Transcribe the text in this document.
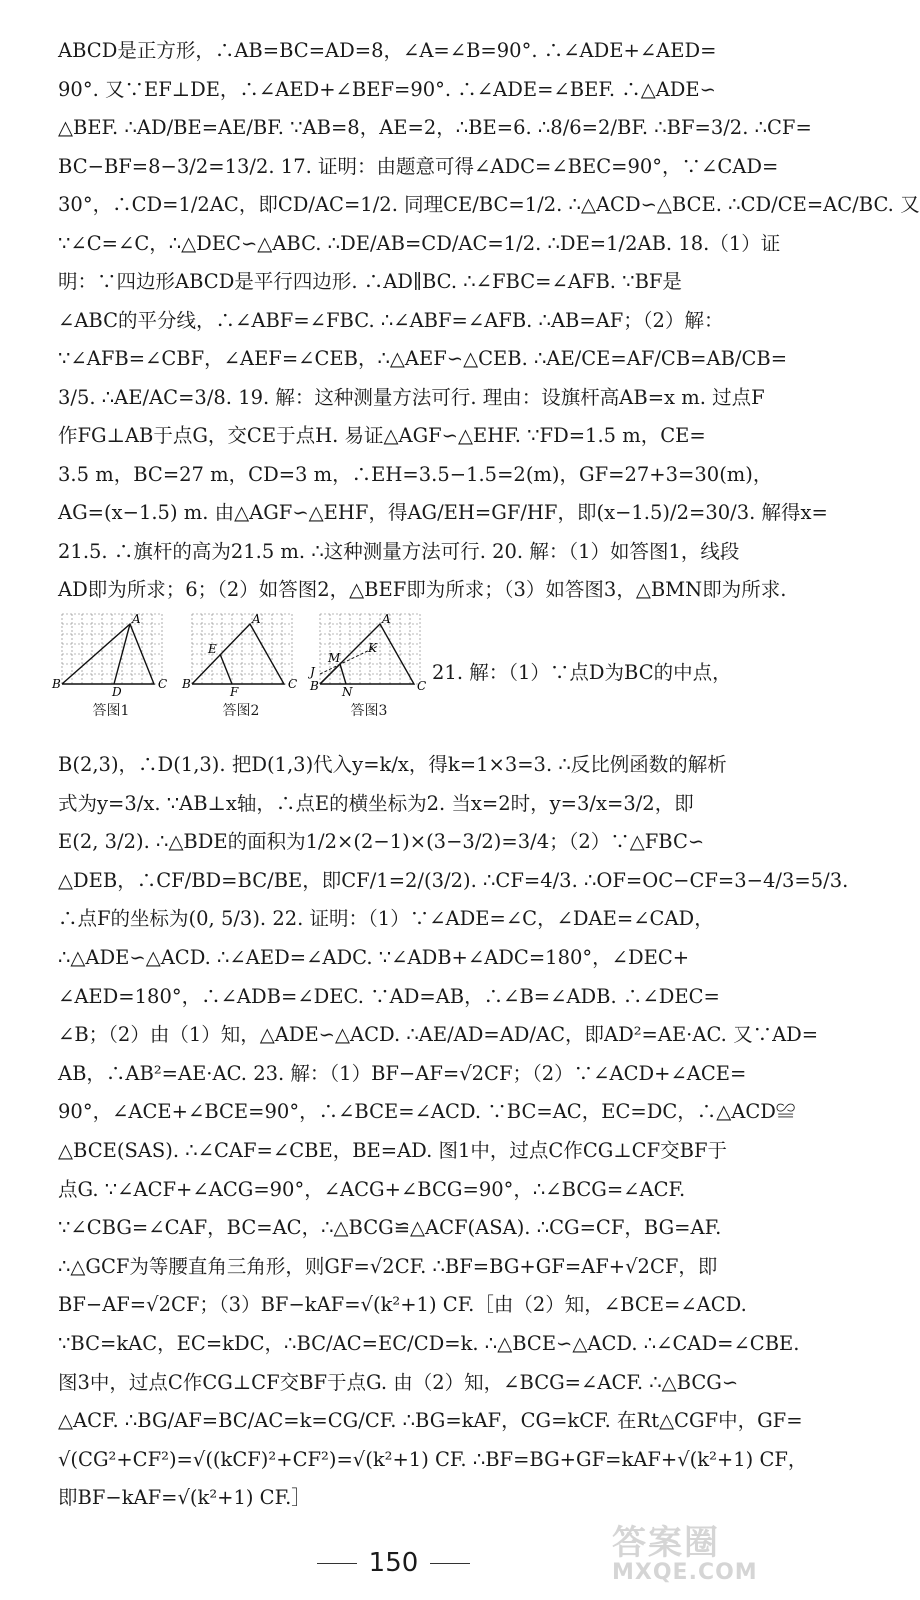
ABCD是正方形，∴AB=BC=AD=8，∠A=∠B=90°. ∴∠ADE+∠AED=
90°. 又∵EF⊥DE，∴∠AED+∠BEF=90°. ∴∠ADE=∠BEF. ∴△ADE∽
△BEF. ∴AD/BE=AE/BF. ∵AB=8，AE=2，∴BE=6. ∴8/6=2/BF. ∴BF=3/2. ∴CF=
BC−BF=8−3/2=13/2. 17. 证明：由题意可得∠ADC=∠BEC=90°，∵∠CAD=
30°，∴CD=1/2AC，即CD/AC=1/2. 同理CE/BC=1/2. ∴△ACD∽△BCE. ∴CD/CE=AC/BC. 又
∵∠C=∠C，∴△DEC∽△ABC. ∴DE/AB=CD/AC=1/2. ∴DE=1/2AB. 18.（1）证
明：∵四边形ABCD是平行四边形. ∴AD∥BC. ∴∠FBC=∠AFB. ∵BF是
∠ABC的平分线，∴∠ABF=∠FBC. ∴∠ABF=∠AFB. ∴AB=AF；（2）解：
∵∠AFB=∠CBF，∠AEF=∠CEB，∴△AEF∽△CEB. ∴AE/CE=AF/CB=AB/CB=
3/5. ∴AE/AC=3/8. 19. 解：这种测量方法可行. 理由：设旗杆高AB=x m. 过点F
作FG⊥AB于点G，交CE于点H. 易证△AGF∽△EHF. ∵FD=1.5 m，CE=
3.5 m，BC=27 m，CD=3 m，∴EH=3.5−1.5=2(m)，GF=27+3=30(m)，
AG=(x−1.5) m. 由△AGF∽△EHF，得AG/EH=GF/HF，即(x−1.5)/2=30/3. 解得x=
21.5. ∴旗杆的高为21.5 m. ∴这种测量方法可行. 20. 解：（1）如答图1，线段
AD即为所求；6；（2）如答图2，△BEF即为所求；（3）如答图3，△BMN即为所求.
A
B
D
C
答图1
A
E
B
F
C
答图2
A
M
K
J
B N	C
答图3
21. 解：（1）∵点D为BC的中点，
B(2,3)，∴D(1,3). 把D(1,3)代入y=k/x，得k=1×3=3. ∴反比例函数的解析
式为y=3/x. ∵AB⊥x轴，∴点E的横坐标为2. 当x=2时，y=3/x=3/2，即
E(2, 3/2). ∴△BDE的面积为1/2×(2−1)×(3−3/2)=3/4；（2）∵△FBC∽
△DEB，∴CF/BD=BC/BE，即CF/1=2/(3/2). ∴CF=4/3. ∴OF=OC−CF=3−4/3=5/3.
∴点F的坐标为(0, 5/3). 22. 证明：（1）∵∠ADE=∠C，∠DAE=∠CAD，
∴△ADE∽△ACD. ∴∠AED=∠ADC. ∵∠ADB+∠ADC=180°，∠DEC+
∠AED=180°，∴∠ADB=∠DEC. ∵AD=AB，∴∠B=∠ADB. ∴∠DEC=
∠B；（2）由（1）知，△ADE∽△ACD. ∴AE/AD=AD/AC，即AD²=AE·AC. 又∵AD=
AB，∴AB²=AE·AC. 23. 解：（1）BF−AF=√2CF；（2）∵∠ACD+∠ACE=
90°，∠ACE+∠BCE=90°，∴∠BCE=∠ACD. ∵BC=AC，EC=DC，∴△ACD≌
△BCE(SAS). ∴∠CAF=∠CBE，BE=AD. 图1中，过点C作CG⊥CF交BF于
点G. ∵∠ACF+∠ACG=90°，∠ACG+∠BCG=90°，∴∠BCG=∠ACF.
∵∠CBG=∠CAF，BC=AC，∴△BCG≌△ACF(ASA). ∴CG=CF，BG=AF.
∴△GCF为等腰直角三角形，则GF=√2CF. ∴BF=BG+GF=AF+√2CF，即
BF−AF=√2CF；（3）BF−kAF=√(k²+1) CF.［由（2）知，∠BCE=∠ACD.
∵BC=kAC，EC=kDC，∴BC/AC=EC/CD=k. ∴△BCE∽△ACD. ∴∠CAD=∠CBE.
图3中，过点C作CG⊥CF交BF于点G. 由（2）知，∠BCG=∠ACF. ∴△BCG∽
△ACF. ∴BG/AF=BC/AC=k=CG/CF. ∴BG=kAF，CG=kCF. 在Rt△CGF中，GF=
√(CG²+CF²)=√((kCF)²+CF²)=√(k²+1) CF. ∴BF=BG+GF=kAF+√(k²+1) CF，
即BF−kAF=√(k²+1) CF.］
150	答案圈
MXQE.COM
